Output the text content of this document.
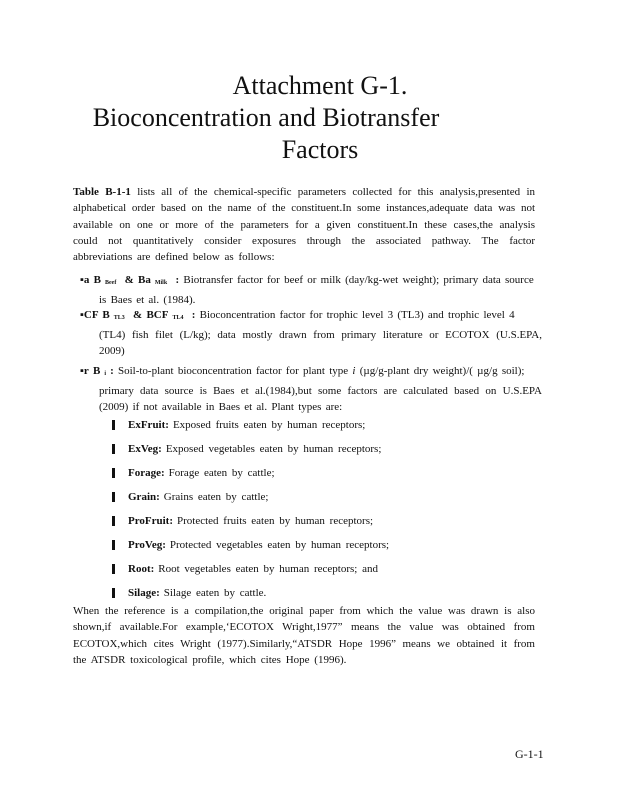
Attachment G-1.
Bioconcentration and Biotransfer
Factors
Table B-1-1 lists all of the chemical-specific parameters collected for this analysis,presented in alphabetical order based on the name of the constituent.In some instances,adequate data was not available on one or more of the parameters for a given constituent.In these cases,the analysis could not quantitatively consider exposures through the associated pathway. The factor abbreviations are defined below as follows:
▪a B Beef & Ba Milk : Biotransfer factor for beef or milk (day/kg-wet weight); primary data source
is Baes et al. (1984).
▪CF B TL3 & BCF TL4 : Bioconcentration factor for trophic level 3 (TL3) and trophic level 4
(TL4) fish filet (L/kg); data mostly drawn from primary literature or ECOTOX (U.S.EPA, 2009)
▪r B i : Soil-to-plant bioconcentration factor for plant type i (µg/g-plant dry weight)/( µg/g soil);
primary data source is Baes et al.(1984),but some factors are calculated based on U.S.EPA (2009) if not available in Baes et al. Plant types are:
ExFruit: Exposed fruits eaten by human receptors;
ExVeg: Exposed vegetables eaten by human receptors;
Forage: Forage eaten by cattle;
Grain: Grains eaten by cattle;
ProFruit: Protected fruits eaten by human receptors;
ProVeg: Protected vegetables eaten by human receptors;
Root: Root vegetables eaten by human receptors; and
Silage: Silage eaten by cattle.
When the reference is a compilation,the original paper from which the value was drawn is also shown,if available.For example,‘ECOTOX Wright,1977” means the value was obtained from ECOTOX,which cites Wright (1977).Similarly,“ATSDR Hope 1996” means we obtained it from the ATSDR toxicological profile, which cites Hope (1996).
G-1-1
